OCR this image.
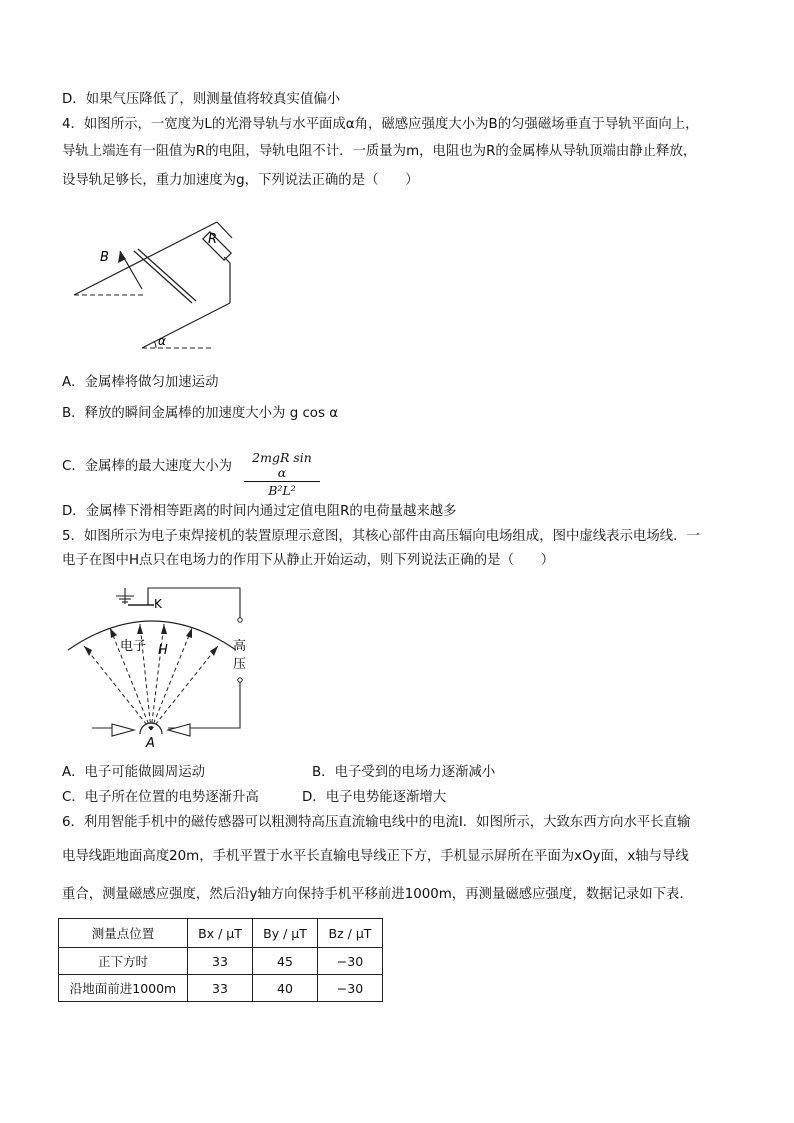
D．如果气压降低了，则测量值将较真实值偏小
4．如图所示，一宽度为L的光滑导轨与水平面成α角，磁感应强度大小为B的匀强磁场垂直于导轨平面向上，
导轨上端连有一阻值为R的电阻，导轨电阻不计．一质量为m，电阻也为R的金属棒从导轨顶端由静止释放，
设导轨足够长，重力加速度为g，下列说法正确的是（　　）
B
R
α
A．金属棒将做匀加速运动
B．释放的瞬间金属棒的加速度大小为 g cos α
C．金属棒的最大速度大小为
2mgR sin α
B²L²
D．金属棒下滑相等距离的时间内通过定值电阻R的电荷量越来越多
5．如图所示为电子束焊接机的装置原理示意图，其核心部件由高压辐向电场组成，图中虚线表示电场线．一
电子在图中H点只在电场力的作用下从静止开始运动，则下列说法正确的是（　　）
K
高
压
电子 H
A
A．电子可能做圆周运动	B．电子受到的电场力逐渐减小
C．电子所在位置的电势逐渐升高	D．电子电势能逐渐增大
6．利用智能手机中的磁传感器可以粗测特高压直流输电线中的电流I．如图所示，大致东西方向水平长直输
电导线距地面高度20m，手机平置于水平长直输电导线正下方，手机显示屏所在平面为xOy面，x轴与导线
重合，测量磁感应强度，然后沿y轴方向保持手机平移前进1000m，再测量磁感应强度，数据记录如下表．
测量点位置	Bx / μT	By / μT	Bz / μT
正下方时	33	45	−30
沿地面前进1000m	33	40	−30
